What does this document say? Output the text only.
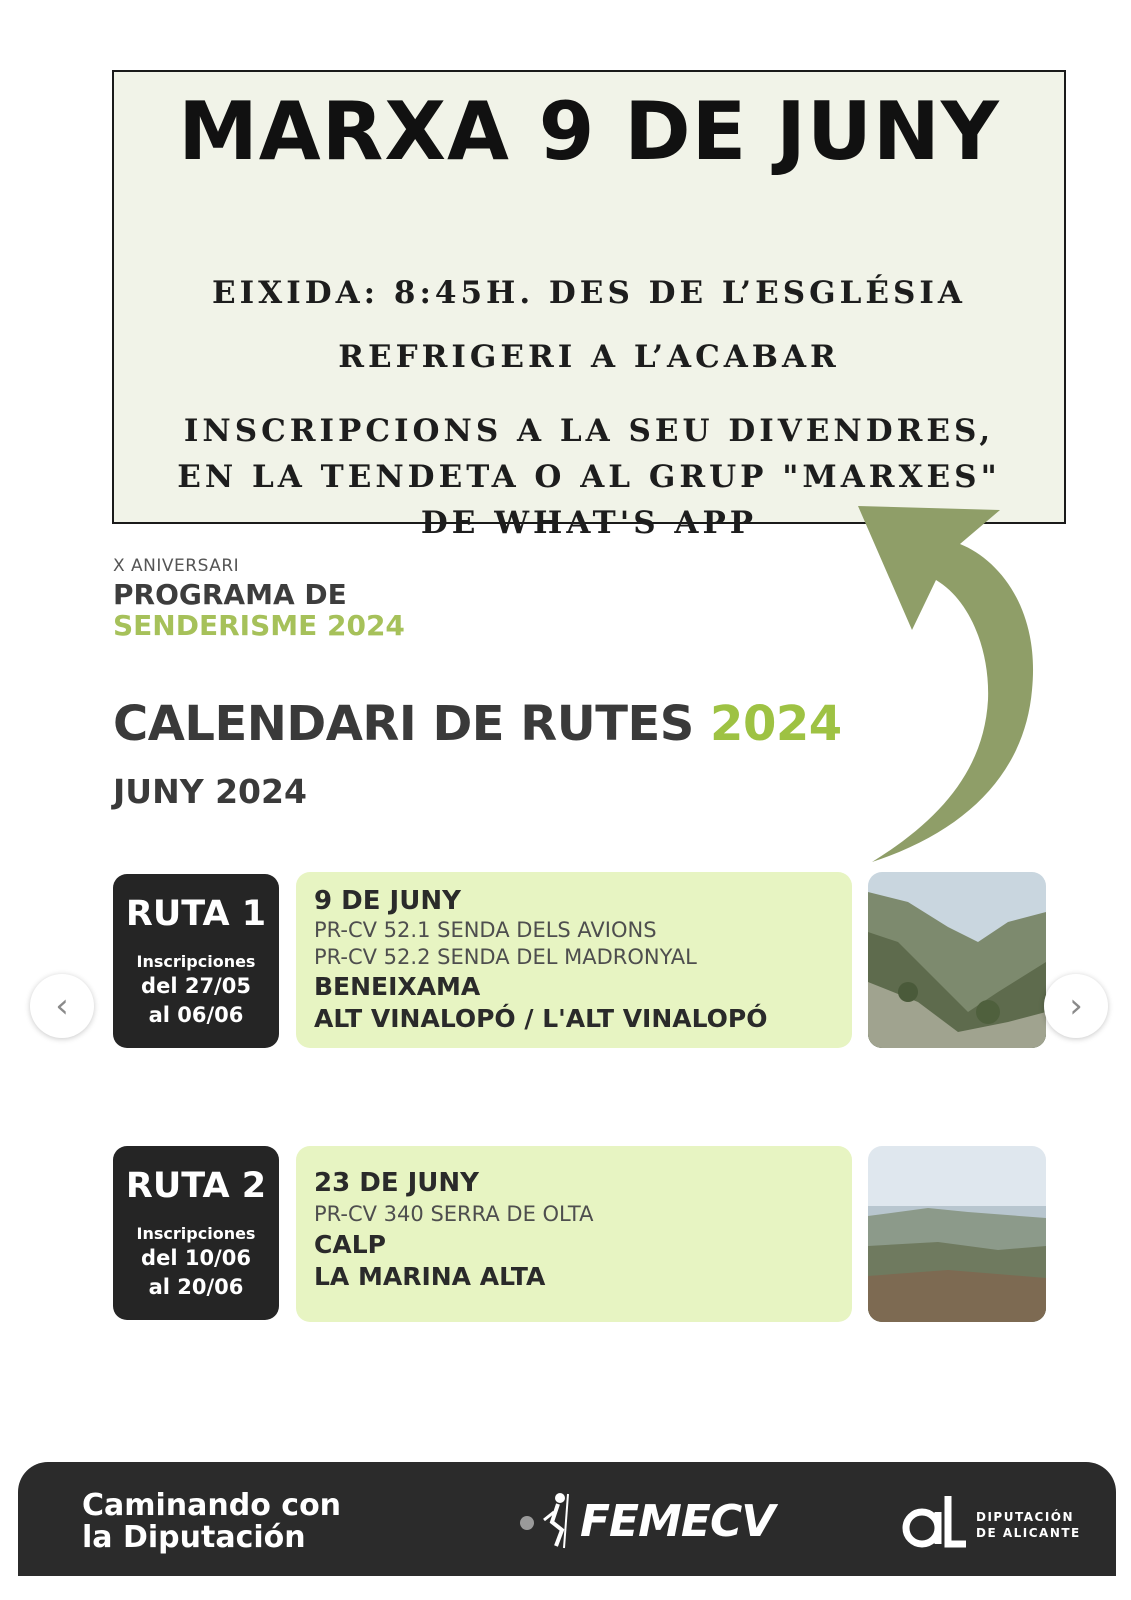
MARXA 9 DE JUNY
EIXIDA: 8:45H. DES DE L’ESGLÉSIA
REFRIGERI A L’ACABAR
INSCRIPCIONS A LA SEU DIVENDRES,
EN LA TENDETA O AL GRUP "MARXES"
DE WHAT'S APP
X ANIVERSARI
PROGRAMA DE
SENDERISME 2024
CALENDARI DE RUTES 2024
JUNY 2024
RUTA 1
Inscripciones
del 27/05
al 06/06
9 DE JUNY
PR-CV 52.1 SENDA DELS AVIONS
PR-CV 52.2 SENDA DEL MADRONYAL
BENEIXAMA
ALT VINALOPÓ / L'ALT VINALOPÓ
RUTA 2
Inscripciones
del 10/06
al 20/06
23 DE JUNY
PR-CV 340 SERRA DE OLTA
CALP
LA MARINA ALTA
‹	›
Caminando con
la Diputación	FEMECV	DIPUTACIÓN
DE ALICANTE
